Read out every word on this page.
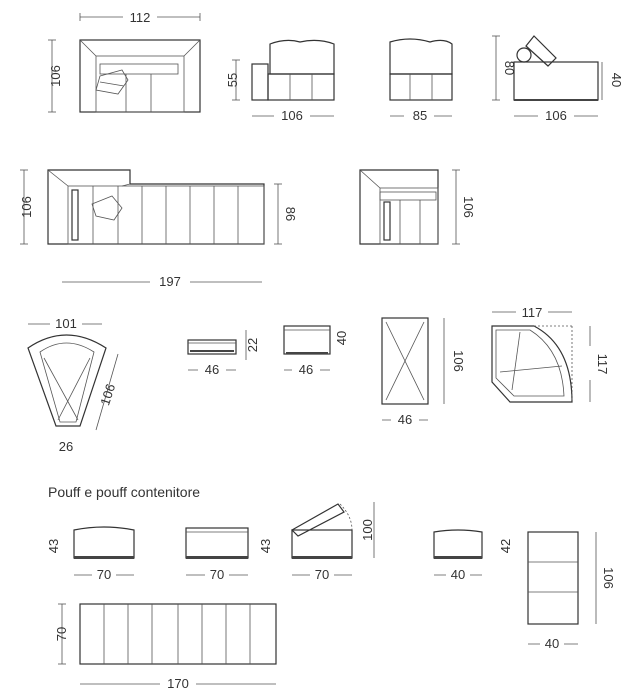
Pouff e pouff contenitore
112
106	55
106	85
80
40
106
106	86
197
106
101
106
26
46
22
46
40
106
46
117
117
43
70	70
43
70
100
40
42
106
40
70
170
